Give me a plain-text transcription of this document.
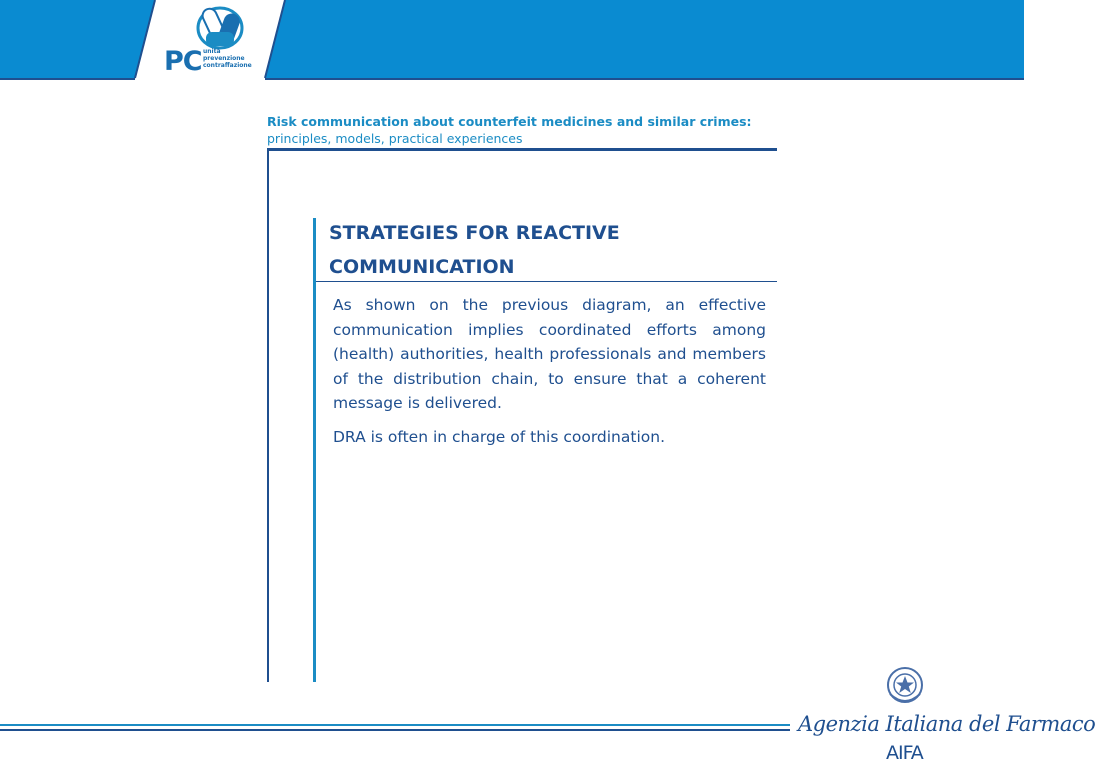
PC unità
prevenzione
contraffazione
Risk communication about counterfeit medicines and similar crimes:
principles, models, practical experiences
STRATEGIES FOR REACTIVE COMMUNICATION

As shown on the previous diagram, an effective communication implies coordinated efforts among (health) authorities, health professionals and members of the distribution chain, to ensure that a coherent message is delivered.

DRA is often in charge of this coordination.

Agenzia Italiana del Farmaco
AIFA
